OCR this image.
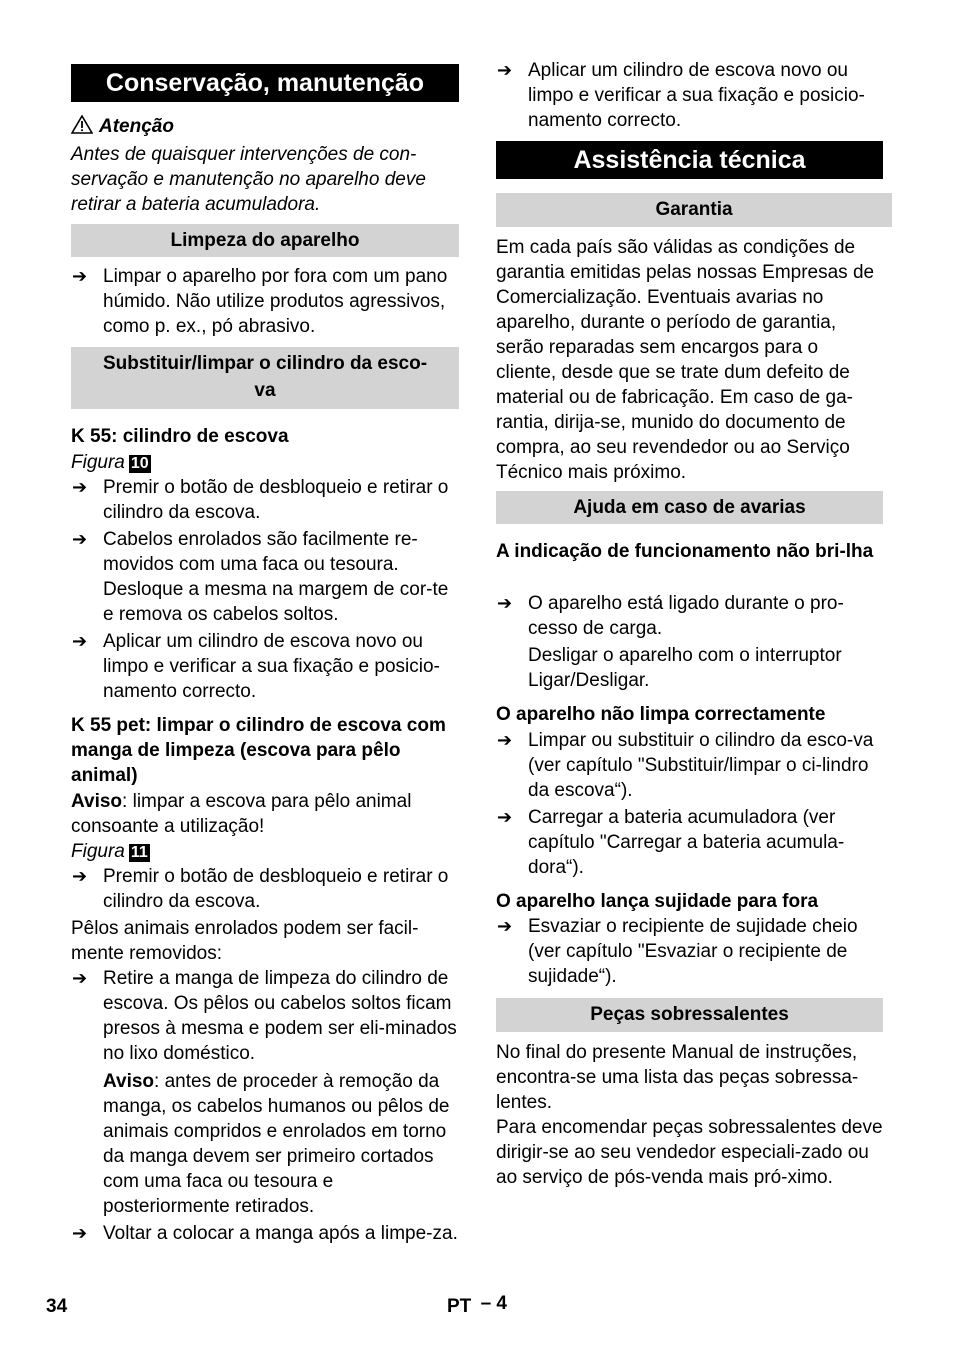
Conservação, manutenção
Atenção

Antes de quaisquer intervenções de con-servação e manutenção no aparelho deve retirar a bateria acumuladora.

Limpeza do aparelho
➔ Limpar o aparelho por fora com um pano húmido. Não utilize produtos agressivos, como p. ex., pó abrasivo.
Substituir/limpar o cilindro da esco-
va
K 55: cilindro de escova
Figura 10
➔ Premir o botão de desbloqueio e retirar o cilindro da escova.
➔ Cabelos enrolados são facilmente re-movidos com uma faca ou tesoura. Desloque a mesma na margem de cor-te e remova os cabelos soltos.
➔ Aplicar um cilindro de escova novo ou limpo e verificar a sua fixação e posicio-namento correcto.
K 55 pet: limpar o cilindro de escova com manga de limpeza (escova para pêlo animal)

Aviso: limpar a escova para pêlo animal consoante a utilização!

Figura 11
➔ Premir o botão de desbloqueio e retirar o cilindro da escova.

Pêlos animais enrolados podem ser facil-mente removidos:

➔ Retire a manga de limpeza do cilindro de escova. Os pêlos ou cabelos soltos ficam presos à mesma e podem ser eli-minados no lixo doméstico.

Aviso: antes de proceder à remoção da manga, os cabelos humanos ou pêlos de animais compridos e enrolados em torno da manga devem ser primeiro cortados com uma faca ou tesoura e posteriormente retirados.

➔ Voltar a colocar a manga após a limpe-za.
➔ Aplicar um cilindro de escova novo ou limpo e verificar a sua fixação e posicio-namento correcto.
Assistência técnica
Garantia

Em cada país são válidas as condições de garantia emitidas pelas nossas Empresas de Comercialização. Eventuais avarias no aparelho, durante o período de garantia, serão reparadas sem encargos para o cliente, desde que se trate dum defeito de material ou de fabricação. Em caso de ga-rantia, dirija-se, munido do documento de compra, ao seu revendedor ou ao Serviço Técnico mais próximo.

Ajuda em caso de avarias
A indicação de funcionamento não bri-lha
➔ O aparelho está ligado durante o pro-cesso de carga.

Desligar o aparelho com o interruptor Ligar/Desligar.

O aparelho não limpa correctamente
➔ Limpar ou substituir o cilindro da esco-va (ver capítulo "Substituir/limpar o ci-lindro da escova“).
➔ Carregar a bateria acumuladora (ver capítulo "Carregar a bateria acumula-dora“).
O aparelho lança sujidade para fora
➔ Esvaziar o recipiente de sujidade cheio (ver capítulo "Esvaziar o recipiente de sujidade“).
Peças sobressalentes

No final do presente Manual de instruções, encontra-se uma lista das peças sobressa-lentes.

Para encomendar peças sobressalentes deve dirigir-se ao seu vendedor especiali-zado ou ao serviço de pós-venda mais pró-ximo.

34	PT – 4
